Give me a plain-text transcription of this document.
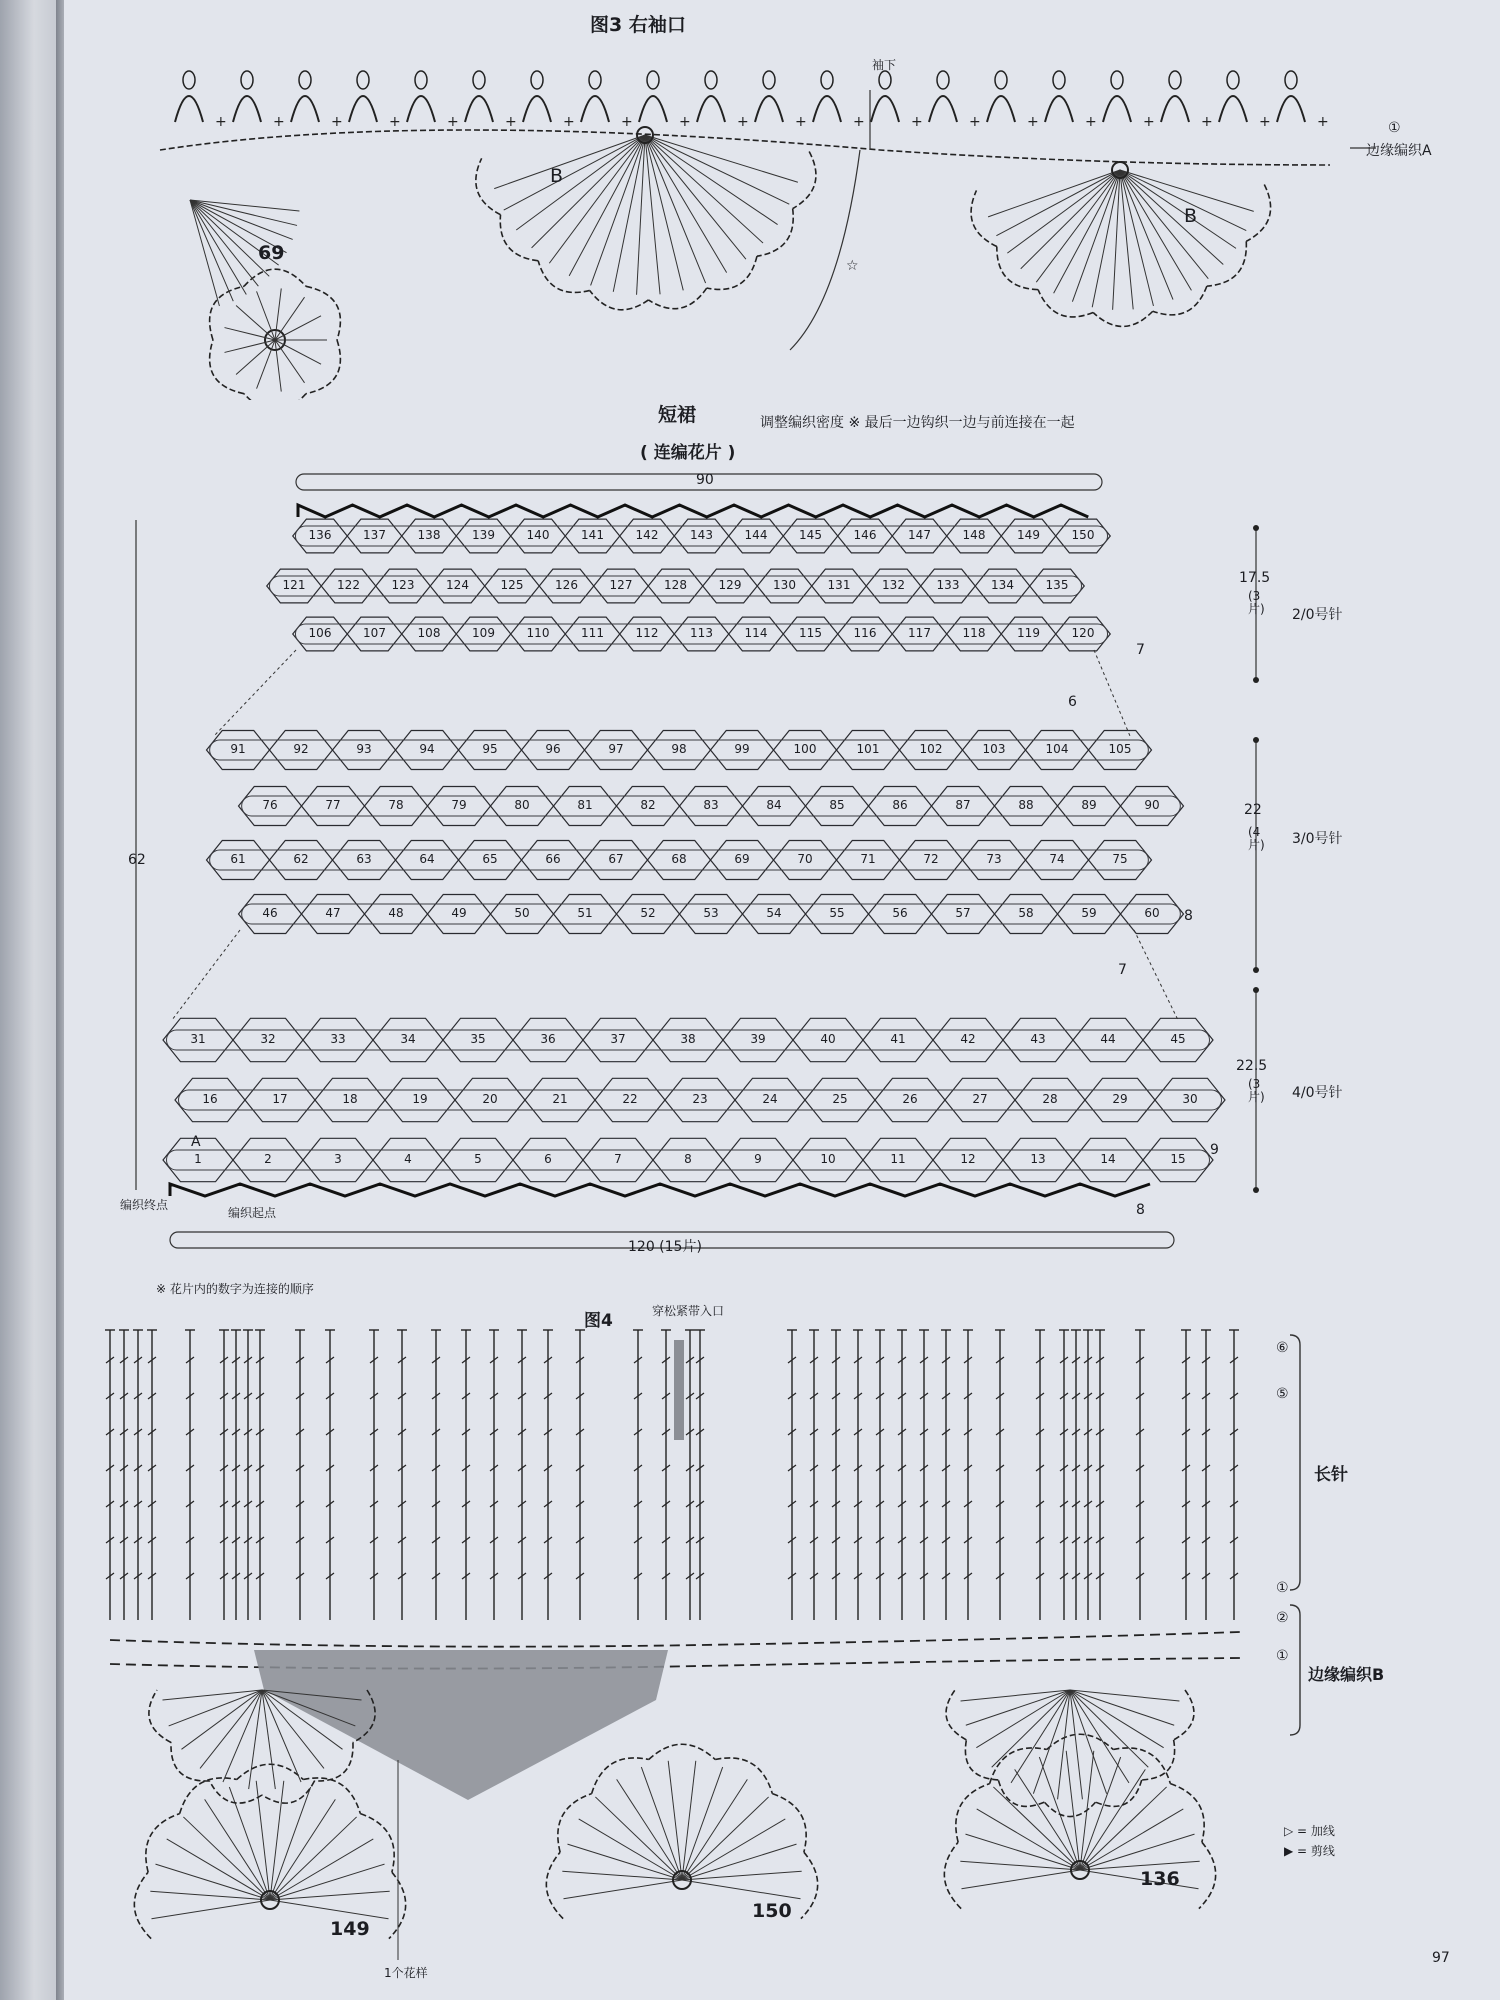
+	+	+	+	+	+	+	+	+	+	+	+	+	+	+	+	+	+	+	+
图3 右袖口
袖下
边缘编织A
①
B
B
69
☆
短裙	调整编织密度 ※ 最后一边钩织一边与前连接在一起
( 连编花片 )
90
62
120 (15片)
编织终点
编织起点
A
※ 花片内的数字为连接的顺序
17.5
(3片) 2/0号针
22
(4片) 3/0号针
22.5
(3片) 4/0号针
7
6
8
7
9
8
136	137	138	139	140	141	142	143	144	145	146	147	148	149	150
121	122	123	124	125	126	127	128	129	130	131	132	133	134	135
106	107	108	109	110	111	112	113	114	115	116	117	118	119	120
91	92	93	94	95	96	97	98	99	100	101	102	103	104	105
76	77	78	79	80	81	82	83	84	85	86	87	88	89	90
61	62	63	64	65	66	67	68	69	70	71	72	73	74	75
46	47	48	49	50	51	52	53	54	55	56	57	58	59	60
31	32	33	34	35	36	37	38	39	40	41	42	43	44	45
16	17	18	19	20	21	22	23	24	25	26	27	28	29	30
1	2	3	4	5	6	7	8	9	10	11	12	13	14	15
图4	穿松紧带入口
长针
边缘编织B
⑥
⑤
①
②
①
149
150
136
1个花样
▷ = 加线
▶ = 剪线
97
